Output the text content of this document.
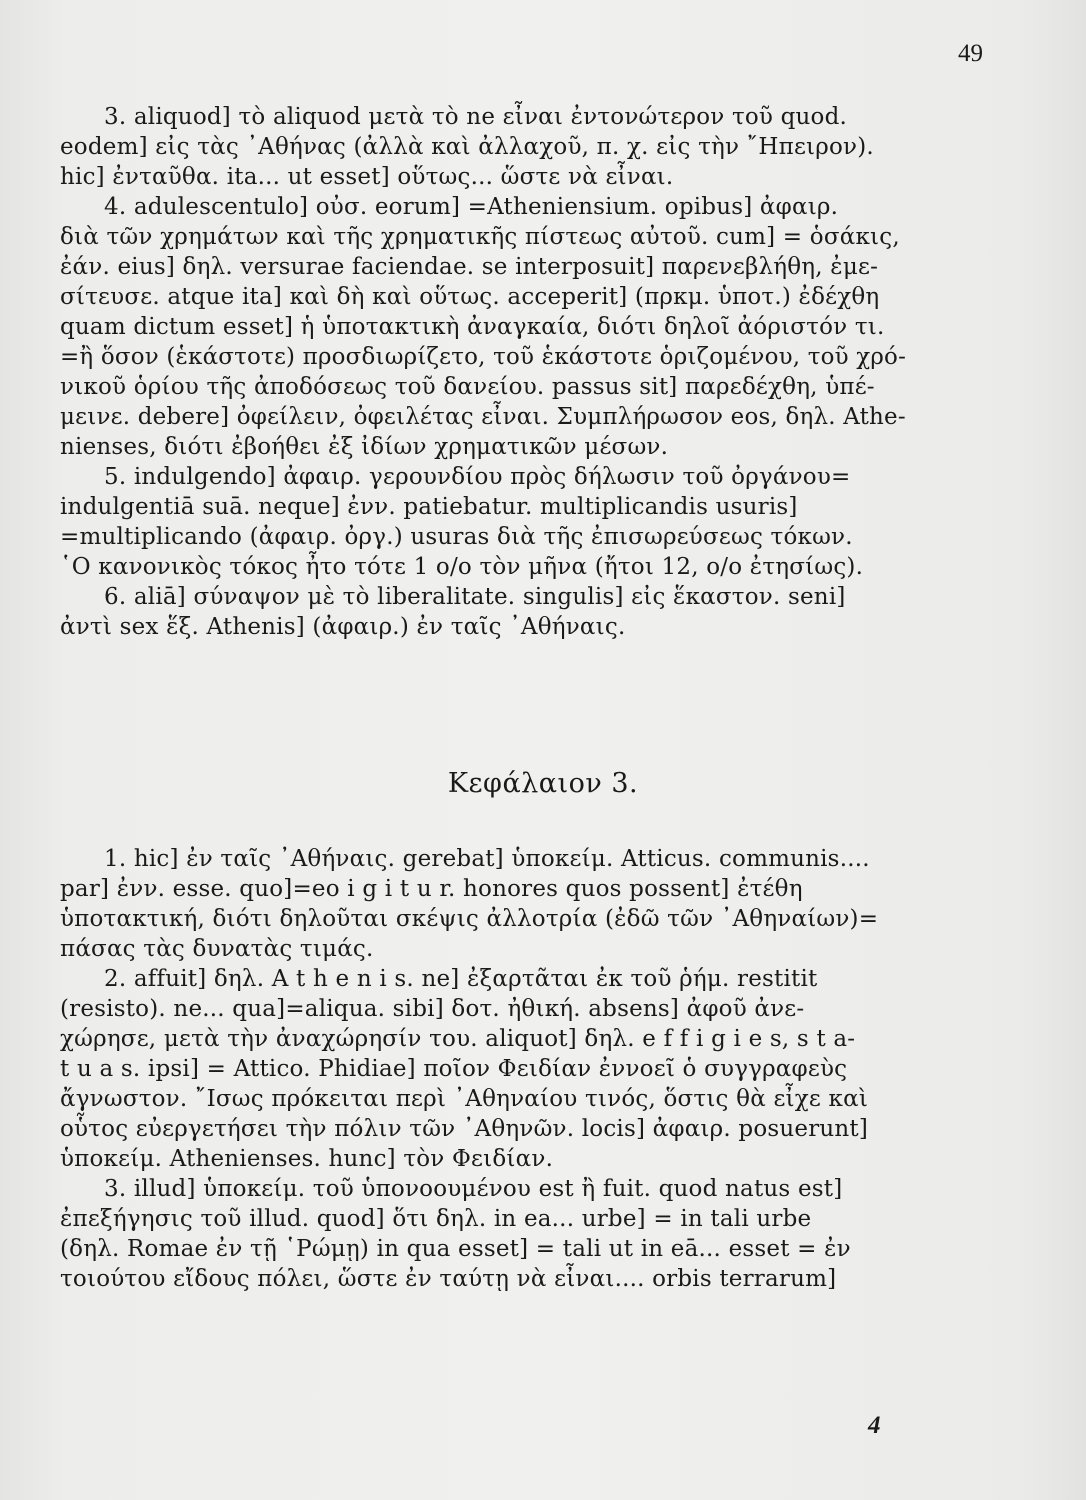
49
3. aliquod] τὸ aliquod μετὰ τὸ ne εἶναι ἐντονώτερον τοῦ quod.
eodem] εἰς τὰς ᾿Αθήνας (ἀλλὰ καὶ ἀλλαχοῦ, π. χ. εἰς τὴν ῎Ηπειρον).
hic] ἐνταῦθα. ita... ut esset] οὕτως... ὥστε νὰ εἶναι.
4. adulescentulo] οὐσ. eorum] =Atheniensium. opibus] ἀφαιρ.
διὰ τῶν χρημάτων καὶ τῆς χρηματικῆς πίστεως αὐτοῦ. cum] = ὁσάκις,
ἐάν. eius] δηλ. versurae faciendae. se interposuit] παρενεβλήθη, ἐμε-
σίτευσε. atque ita] καὶ δὴ καὶ οὕτως. acceperit] (πρκμ. ὑποτ.) ἐδέχθη
quam dictum esset] ἡ ὑποτακτικὴ ἀναγκαία, διότι δηλοῖ ἀόριστόν τι.
=ἢ ὅσον (ἑκάστοτε) προσδιωρίζετο, τοῦ ἑκάστοτε ὁριζομένου, τοῦ χρό-
νικοῦ ὁρίου τῆς ἀποδόσεως τοῦ δανείου. passus sit] παρεδέχθη, ὑπέ-
μεινε. debere] ὀφείλειν, ὀφειλέτας εἶναι. Συμπλήρωσον eos, δηλ. Athe-
nienses, διότι ἐβοήθει ἐξ ἰδίων χρηματικῶν μέσων.
5. indulgendo] ἀφαιρ. γερουνδίου πρὸς δήλωσιν τοῦ ὀργάνου=
indulgentiā suā. neque] ἐνν. patiebatur. multiplicandis usuris]
=multiplicando (ἀφαιρ. ὀργ.) usuras διὰ τῆς ἐπισωρεύσεως τόκων.
῾Ο κανονικὸς τόκος ἦτο τότε 1 ο/ο τὸν μῆνα (ἤτοι 12, ο/ο ἐτησίως).
6. aliā] σύναψον μὲ τὸ liberalitate. singulis] εἰς ἕκαστον. seni]
ἀντὶ sex ἕξ. Athenis] (ἀφαιρ.) ἐν ταῖς ᾿Αθήναις.
Κεφάλαιον 3.
1. hic] ἐν ταῖς ᾿Αθήναις. gerebat] ὑποκείμ. Atticus. communis....
par] ἐνν. esse. quo]=eo i g i t u r. honores quos possent] ἐτέθη
ὑποτακτική, διότι δηλοῦται σκέψις ἀλλοτρία (ἐδῶ τῶν ᾿Αθηναίων)=
πάσας τὰς δυνατὰς τιμάς.
2. affuit] δηλ. A t h e n i s. ne] ἐξαρτᾶται ἐκ τοῦ ῥήμ. restitit
(resisto). ne... qua]=aliqua. sibi] δοτ. ἠθική. absens] ἀφοῦ ἀνε-
χώρησε, μετὰ τὴν ἀναχώρησίν του. aliquot] δηλ. e f f i g i e s, s t a-
t u a s. ipsi] = Attico. Phidiae] ποῖον Φειδίαν ἐννοεῖ ὁ συγγραφεὺς
ἄγνωστον. ῎Ισως πρόκειται περὶ ᾿Αθηναίου τινός, ὅστις θὰ εἶχε καὶ
οὗτος εὐεργετήσει τὴν πόλιν τῶν ᾿Αθηνῶν. locis] ἀφαιρ. posuerunt]
ὑποκείμ. Athenienses. hunc] τὸν Φειδίαν.
3. illud] ὑποκείμ. τοῦ ὑπονοουμένου est ἢ fuit. quod natus est]
ἐπεξήγησις τοῦ illud. quod] ὅτι δηλ. in ea... urbe] = in tali urbe
(δηλ. Romae ἐν τῇ ῾Ρώμῃ) in qua esset] = tali ut in eā... esset = ἐν
τοιούτου εἴδους πόλει, ὥστε ἐν ταύτῃ νὰ εἶναι.... orbis terrarum]
4
